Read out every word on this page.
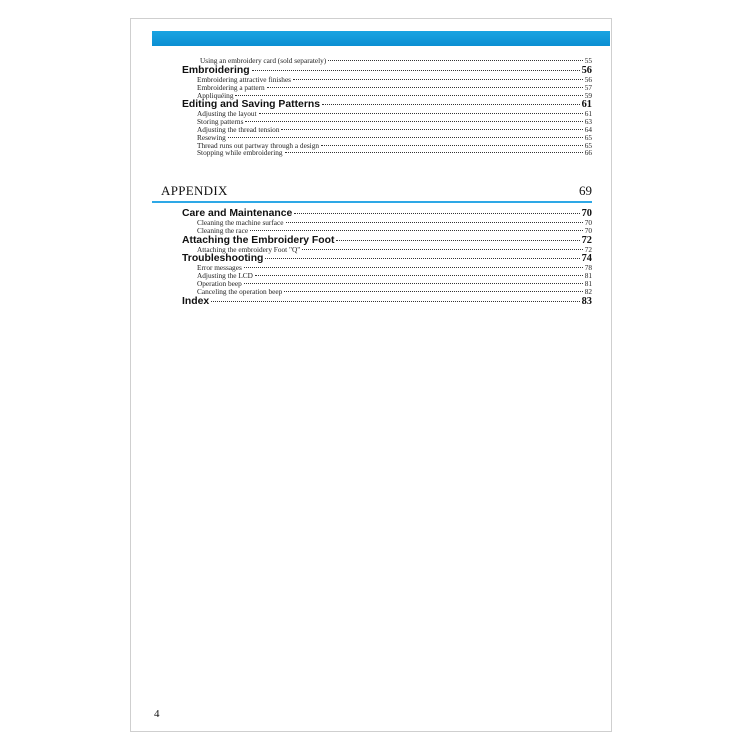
Using an embroidery card (sold separately)	55
Embroidering	56
Embroidering attractive finishes	56
Embroidering a pattern	57
Appliquéing	59
Editing and Saving Patterns	61
Adjusting the layout	61
Storing patterns	63
Adjusting the thread tension	64
Resewing	65
Thread runs out partway through a design	65
Stopping while embroidering	66
APPENDIX	69
Care and Maintenance	70
Cleaning the machine surface	70
Cleaning the race	70
Attaching the Embroidery Foot	72
Attaching the embroidery Foot "Q"	72
Troubleshooting	74
Error messages	78
Adjusting the LCD	81
Operation beep	81
Canceling the operation beep	82
Index	83
4
